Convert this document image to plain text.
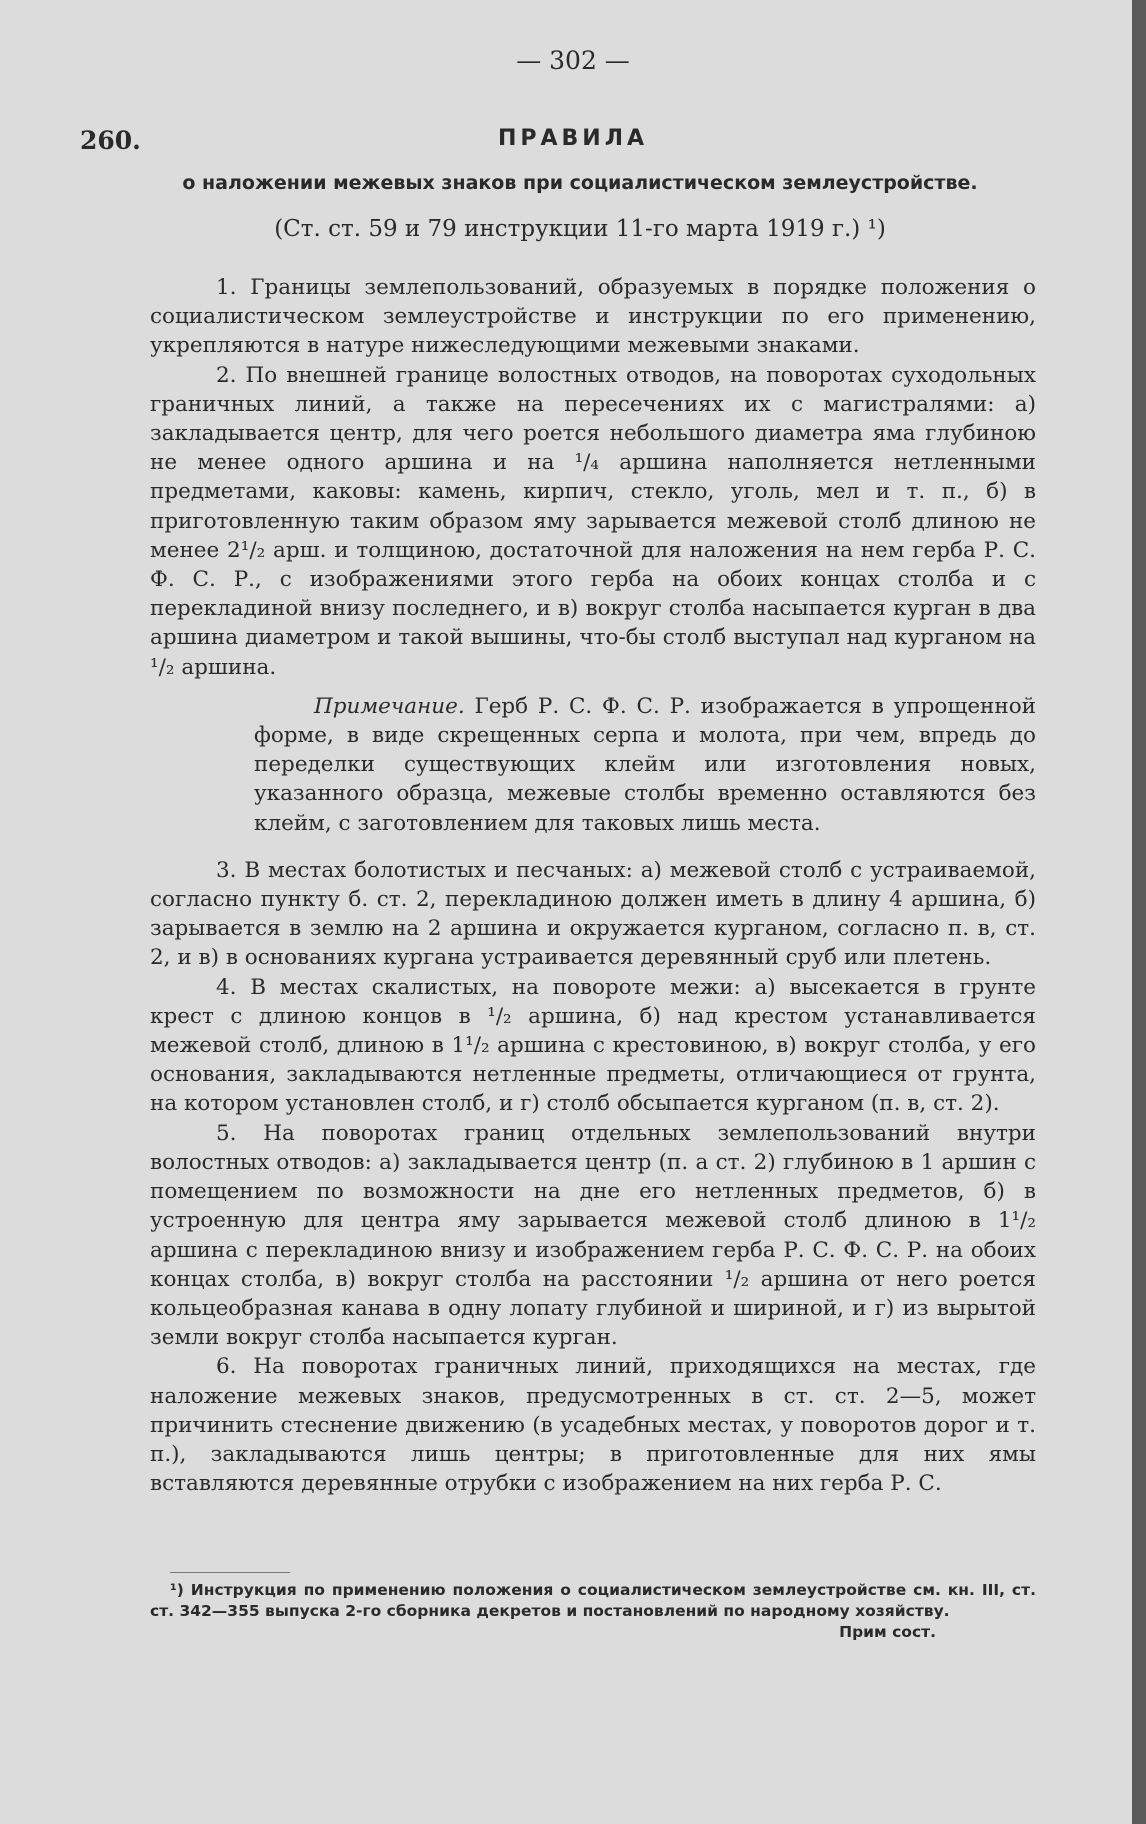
— 302 —
260.	ПРАВИЛА
о наложении межевых знаков при социалистическом землеустройстве.
(Ст. ст. 59 и 79 инструкции 11-го марта 1919 г.) ¹)

1. Границы землепользований, образуемых в порядке положения о социалистическом землеустройстве и инструкции по его применению, укрепляются в натуре нижеследующими межевыми знаками.

2. По внешней границе волостных отводов, на поворотах суходольных граничных линий, а также на пересечениях их с магистралями: а) закладывается центр, для чего роется небольшого диаметра яма глубиною не менее одного аршина и на ¹/₄ аршина наполняется нетленными предметами, каковы: камень, кирпич, стекло, уголь, мел и т. п., б) в приготовленную таким образом яму зарывается межевой столб длиною не менее 2¹/₂ арш. и толщиною, достаточной для наложения на нем герба Р. С. Ф. С. Р., с изображениями этого герба на обоих концах столба и с перекладиной внизу последнего, и в) вокруг столба насыпается курган в два аршина диаметром и такой вышины, что-бы столб выступал над курганом на ¹/₂ аршина.

Примечание. Герб Р. С. Ф. С. Р. изображается в упрощенной форме, в виде скрещенных серпа и молота, при чем, впредь до переделки существующих клейм или изготовления новых, указанного образца, межевые столбы временно оставляются без клейм, с заготовлением для таковых лишь места.

3. В местах болотистых и песчаных: а) межевой столб с устраиваемой, согласно пункту б. ст. 2, перекладиною должен иметь в длину 4 аршина, б) зарывается в землю на 2 аршина и окружается курганом, согласно п. в, ст. 2, и в) в основаниях кургана устраивается деревянный сруб или плетень.

4. В местах скалистых, на повороте межи: а) высекается в грунте крест с длиною концов в ¹/₂ аршина, б) над крестом устанавливается межевой столб, длиною в 1¹/₂ аршина с крестовиною, в) вокруг столба, у его основания, закладываются нетленные предметы, отличающиеся от грунта, на котором установлен столб, и г) столб обсыпается курганом (п. в, ст. 2).

5. На поворотах границ отдельных землепользований внутри волостных отводов: а) закладывается центр (п. а ст. 2) глубиною в 1 аршин с помещением по возможности на дне его нетленных предметов, б) в устроенную для центра яму зарывается межевой столб длиною в 1¹/₂ аршина с перекладиною внизу и изображением герба Р. С. Ф. С. Р. на обоих концах столба, в) вокруг столба на расстоянии ¹/₂ аршина от него роется кольцеобразная канава в одну лопату глубиной и шириной, и г) из вырытой земли вокруг столба насыпается курган.

6. На поворотах граничных линий, приходящихся на местах, где наложение межевых знаков, предусмотренных в ст. ст. 2—5, может причинить стеснение движению (в усадебных местах, у поворотов дорог и т. п.), закладываются лишь центры; в приготовленные для них ямы вставляются деревянные отрубки с изображением на них герба Р. С.

¹) Инструкция по применению положения о социалистическом землеустройстве см. кн. III, ст. ст. 342—355 выпуска 2-го сборника декретов и постановлений по народному хозяйству.
Прим сост.
